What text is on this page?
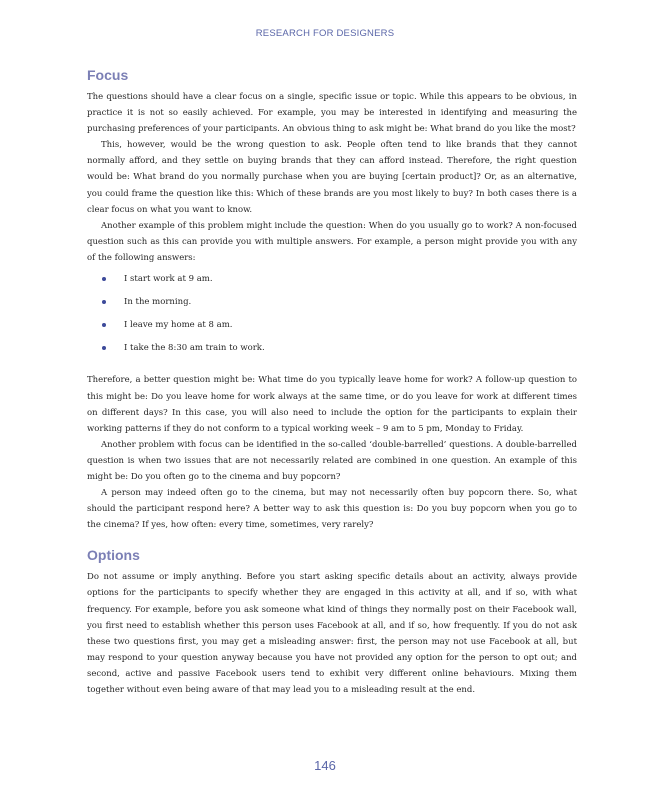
RESEARCH FOR DESIGNERS
Focus

The questions should have a clear focus on a single, specific issue or topic. While this appears to be obvious, in practice it is not so easily achieved. For example, you may be interested in identifying and measuring the purchasing preferences of your participants. An obvious thing to ask might be: What brand do you like the most?

This, however, would be the wrong question to ask. People often tend to like brands that they cannot normally afford, and they settle on buying brands that they can afford instead. Therefore, the right question would be: What brand do you normally purchase when you are buying [certain product]? Or, as an alternative, you could frame the question like this: Which of these brands are you most likely to buy? In both cases there is a clear focus on what you want to know.

Another example of this problem might include the question: When do you usually go to work? A non-focused question such as this can provide you with multiple answers. For example, a person might provide you with any of the following answers:

I start work at 9 am.
In the morning.
I leave my home at 8 am.
I take the 8:30 am train to work.

Therefore, a better question might be: What time do you typically leave home for work? A follow-up question to this might be: Do you leave home for work always at the same time, or do you leave for work at different times on different days? In this case, you will also need to include the option for the participants to explain their working patterns if they do not conform to a typical working week – 9 am to 5 pm, Monday to Friday.

Another problem with focus can be identified in the so-called ‘double-barrelled’ questions. A double-barrelled question is when two issues that are not necessarily related are combined in one question. An example of this might be: Do you often go to the cinema and buy popcorn?

A person may indeed often go to the cinema, but may not necessarily often buy popcorn there. So, what should the participant respond here? A better way to ask this question is: Do you buy popcorn when you go to the cinema? If yes, how often: every time, sometimes, very rarely?

Options

Do not assume or imply anything. Before you start asking specific details about an activity, always provide options for the participants to specify whether they are engaged in this activity at all, and if so, with what frequency. For example, before you ask someone what kind of things they normally post on their Facebook wall, you first need to establish whether this person uses Facebook at all, and if so, how frequently. If you do not ask these two questions first, you may get a misleading answer: first, the person may not use Facebook at all, but may respond to your question anyway because you have not provided any option for the person to opt out; and second, active and passive Facebook users tend to exhibit very different online behaviours. Mixing them together without even being aware of that may lead you to a misleading result at the end.

146
